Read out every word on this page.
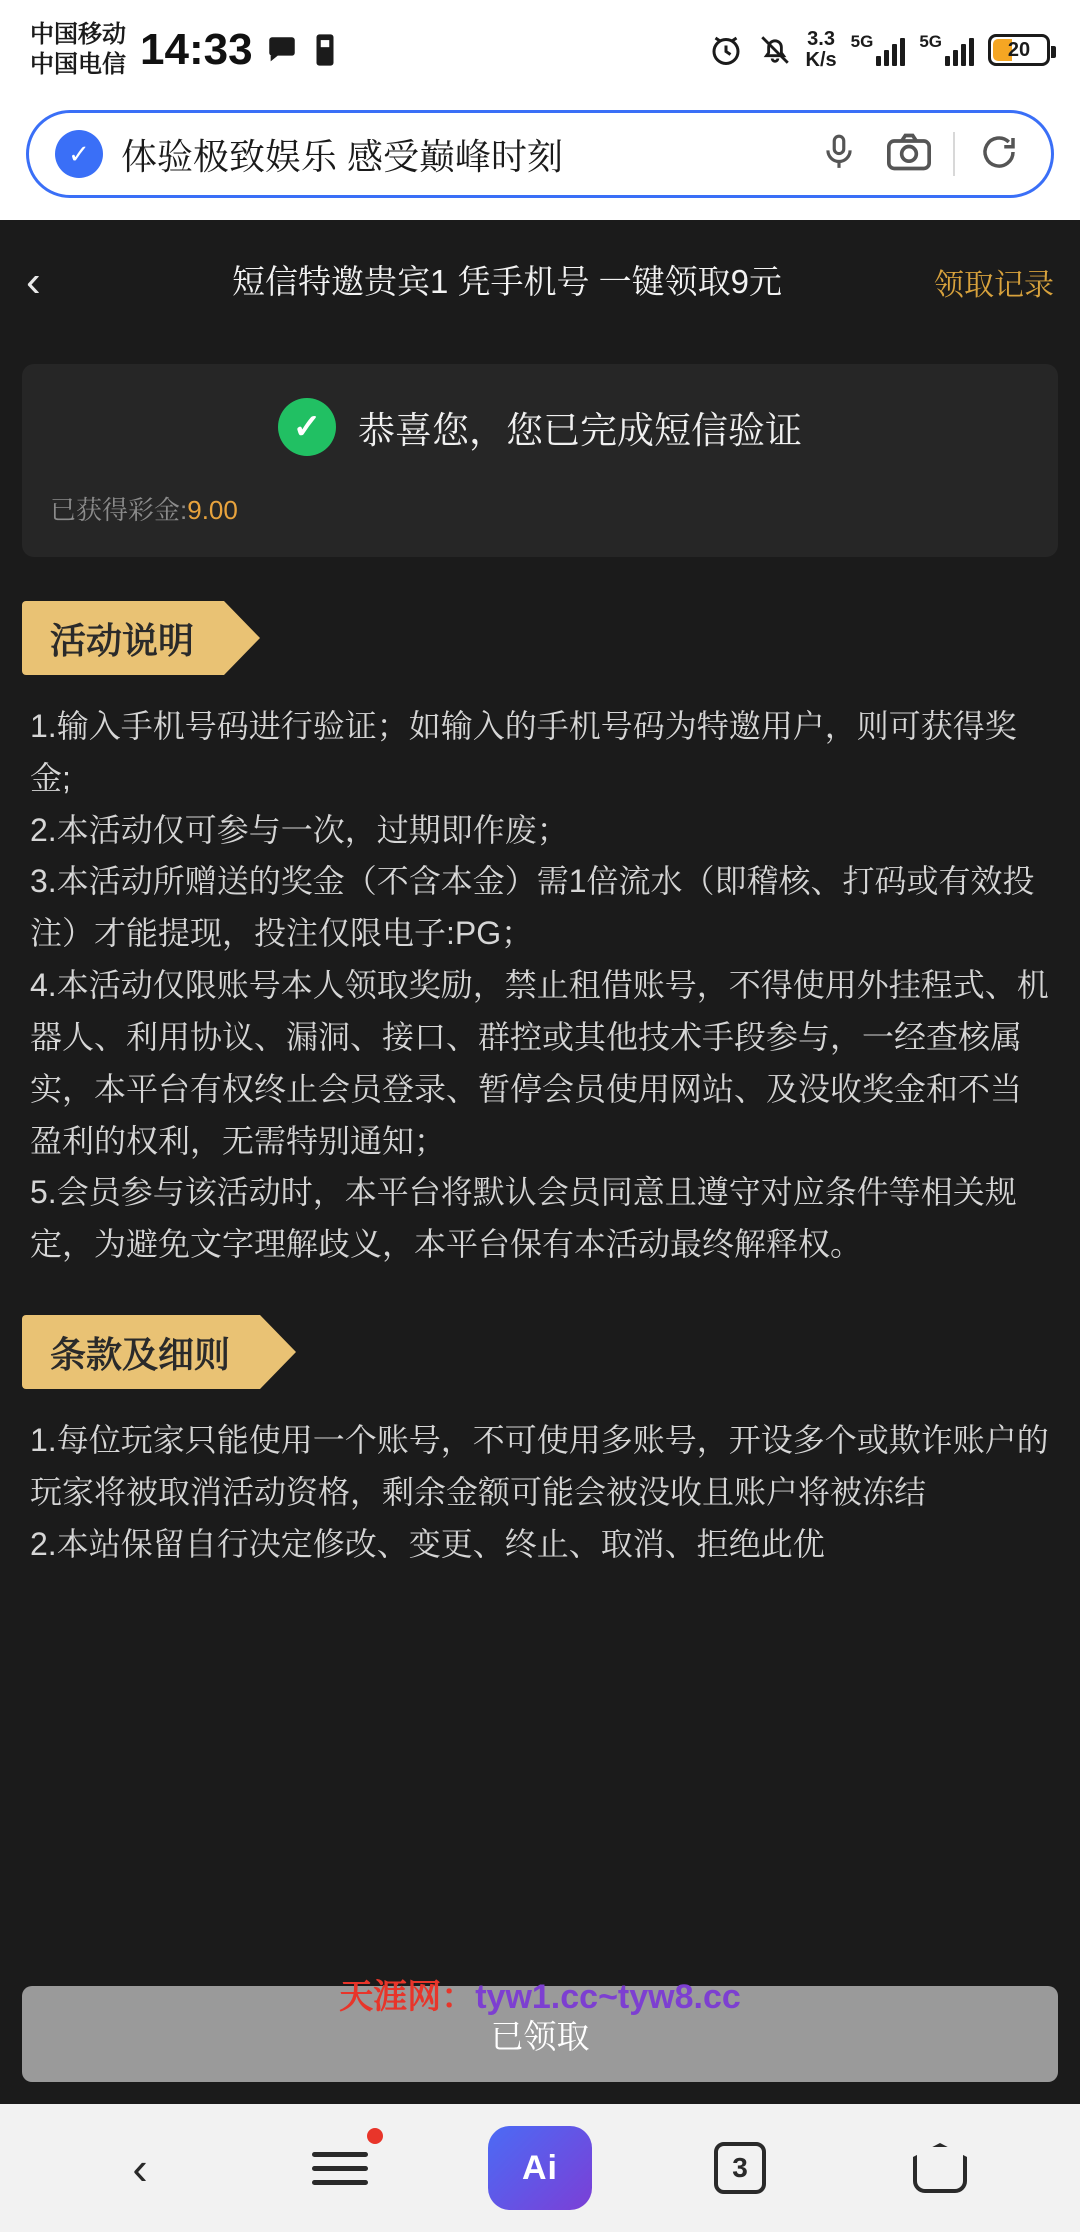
中国移动
中国电信 14:33	3.3
K/s
5G	5G	20
✓ 体验极致娱乐 感受巅峰时刻
‹	短信特邀贵宾1 凭手机号 一键领取9元	领取记录
✓ 恭喜您，您已完成短信验证
已获得彩金:9.00
活动说明

1.输入手机号码进行验证；如输入的手机号码为特邀用户，则可获得奖金;

2.本活动仅可参与一次，过期即作废；

3.本活动所赠送的奖金（不含本金）需1倍流水（即稽核、打码或有效投注）才能提现，投注仅限电子:PG；

4.本活动仅限账号本人领取奖励，禁止租借账号，不得使用外挂程式、机器人、利用协议、漏洞、接口、群控或其他技术手段参与，一经查核属实，本平台有权终止会员登录、暂停会员使用网站、及没收奖金和不当盈利的权利，无需特别通知；

5.会员参与该活动时，本平台将默认会员同意且遵守对应条件等相关规定，为避免文字理解歧义，本平台保有本活动最终解释权。

条款及细则

1.每位玩家只能使用一个账号，不可使用多账号，开设多个或欺诈账户的玩家将被取消活动资格，剩余金额可能会被没收且账户将被冻结

2.本站保留自行决定修改、变更、终止、取消、拒绝此优

已领取
天涯网：tyw1.cc~tyw8.cc
‹	Ai	3
